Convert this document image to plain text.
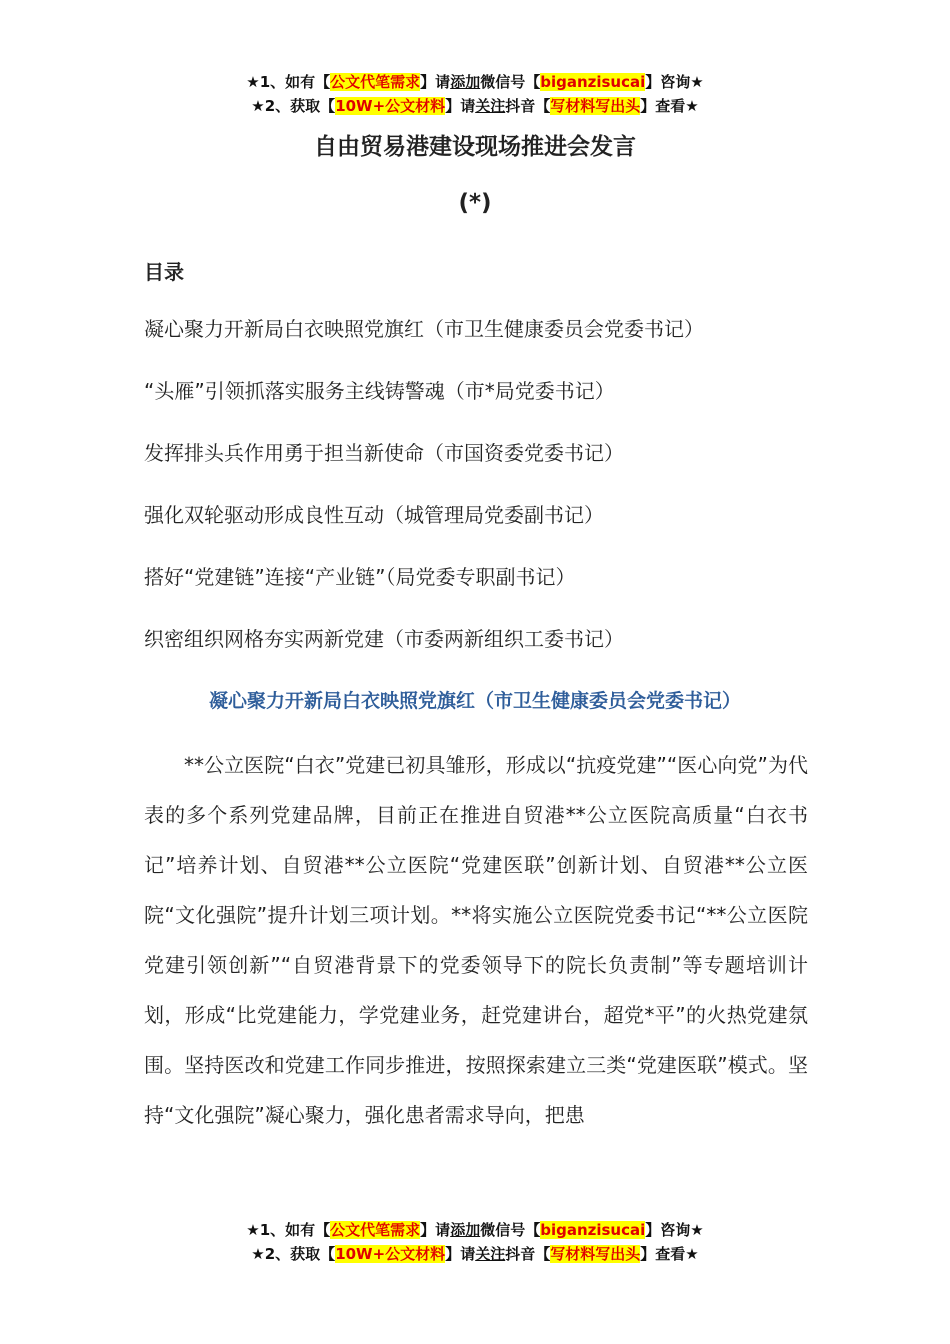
★1、如有【公文代笔需求】请添加微信号【biganzisucai】咨询★
★2、获取【10W+公文材料】请关注抖音【写材料写出头】查看★
自由贸易港建设现场推进会发言
(*)
目录
凝心聚力开新局白衣映照党旗红（市卫生健康委员会党委书记）
“头雁”引领抓落实服务主线铸警魂（市*局党委书记）
发挥排头兵作用勇于担当新使命（市国资委党委书记）
强化双轮驱动形成良性互动（城管理局党委副书记）
搭好“党建链”连接“产业链”（局党委专职副书记）
织密组织网格夯实两新党建（市委两新组织工委书记）
凝心聚力开新局白衣映照党旗红（市卫生健康委员会党委书记）

**公立医院“白衣”党建已初具雏形，形成以“抗疫党建”“医心向党”为代表的多个系列党建品牌，目前正在推进自贸港**公立医院高质量“白衣书记”培养计划、自贸港**公立医院“党建医联”创新计划、自贸港**公立医院“文化强院”提升计划三项计划。**将实施公立医院党委书记“**公立医院党建引领创新”“自贸港背景下的党委领导下的院长负责制”等专题培训计划，形成“比党建能力，学党建业务，赶党建讲台，超党*平”的火热党建氛围。坚持医改和党建工作同步推进，按照探索建立三类“党建医联”模式。坚持“文化强院”凝心聚力，强化患者需求导向，把患

★1、如有【公文代笔需求】请添加微信号【biganzisucai】咨询★
★2、获取【10W+公文材料】请关注抖音【写材料写出头】查看★
